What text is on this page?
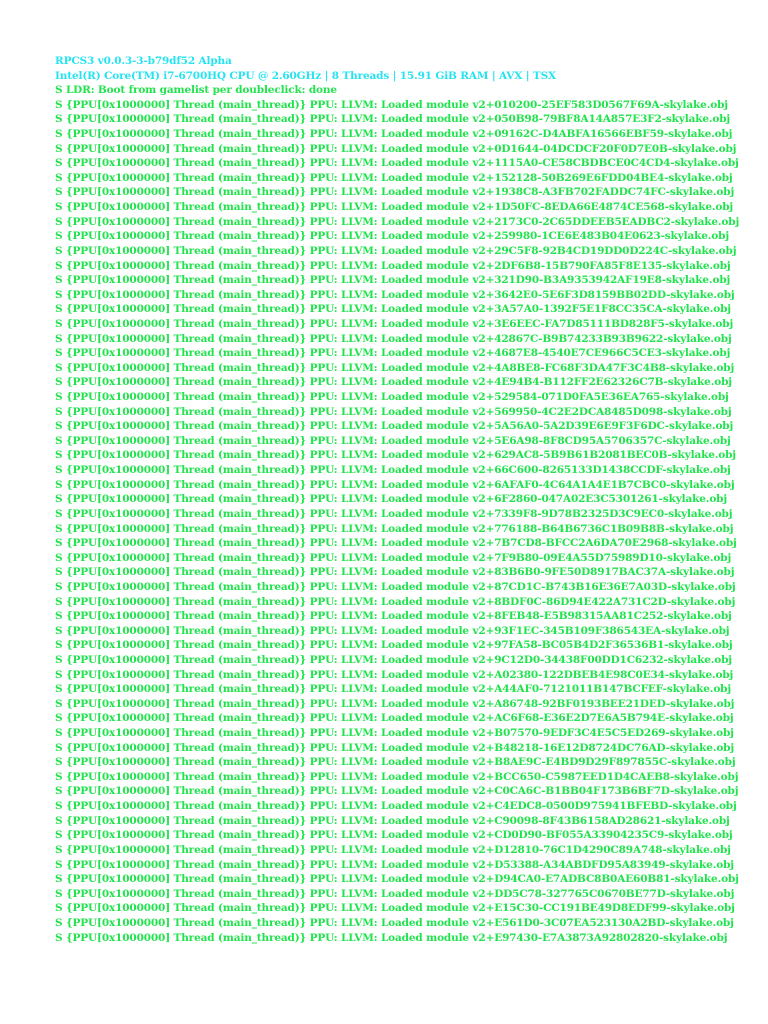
RPCS3 v0.0.3-3-b79df52 Alpha
Intel(R) Core(TM) i7-6700HQ CPU @ 2.60GHz | 8 Threads | 15.91 GiB RAM | AVX | TSX
S LDR: Boot from gamelist per doubleclick: done
S {PPU[0x1000000] Thread (main_thread)} PPU: LLVM: Loaded module v2+010200-25EF583D0567F69A-skylake.obj
S {PPU[0x1000000] Thread (main_thread)} PPU: LLVM: Loaded module v2+050B98-79BF8A14A857E3F2-skylake.obj
S {PPU[0x1000000] Thread (main_thread)} PPU: LLVM: Loaded module v2+09162C-D4ABFA16566EBF59-skylake.obj
S {PPU[0x1000000] Thread (main_thread)} PPU: LLVM: Loaded module v2+0D1644-04DCDCF20F0D7E0B-skylake.obj
S {PPU[0x1000000] Thread (main_thread)} PPU: LLVM: Loaded module v2+1115A0-CE58CBDBCE0C4CD4-skylake.obj
S {PPU[0x1000000] Thread (main_thread)} PPU: LLVM: Loaded module v2+152128-50B269E6FDD04BE4-skylake.obj
S {PPU[0x1000000] Thread (main_thread)} PPU: LLVM: Loaded module v2+1938C8-A3FB702FADDC74FC-skylake.obj
S {PPU[0x1000000] Thread (main_thread)} PPU: LLVM: Loaded module v2+1D50FC-8EDA66E4874CE568-skylake.obj
S {PPU[0x1000000] Thread (main_thread)} PPU: LLVM: Loaded module v2+2173C0-2C65DDEEB5EADBC2-skylake.obj
S {PPU[0x1000000] Thread (main_thread)} PPU: LLVM: Loaded module v2+259980-1CE6E483B04E0623-skylake.obj
S {PPU[0x1000000] Thread (main_thread)} PPU: LLVM: Loaded module v2+29C5F8-92B4CD19DD0D224C-skylake.obj
S {PPU[0x1000000] Thread (main_thread)} PPU: LLVM: Loaded module v2+2DF6B8-15B790FA85F8E135-skylake.obj
S {PPU[0x1000000] Thread (main_thread)} PPU: LLVM: Loaded module v2+321D90-B3A9353942AF19E8-skylake.obj
S {PPU[0x1000000] Thread (main_thread)} PPU: LLVM: Loaded module v2+3642E0-5E6F3D8159BB02DD-skylake.obj
S {PPU[0x1000000] Thread (main_thread)} PPU: LLVM: Loaded module v2+3A57A0-1392F5E1F8CC35CA-skylake.obj
S {PPU[0x1000000] Thread (main_thread)} PPU: LLVM: Loaded module v2+3E6EEC-FA7D85111BD828F5-skylake.obj
S {PPU[0x1000000] Thread (main_thread)} PPU: LLVM: Loaded module v2+42867C-B9B74233B93B9622-skylake.obj
S {PPU[0x1000000] Thread (main_thread)} PPU: LLVM: Loaded module v2+4687E8-4540E7CE966C5CE3-skylake.obj
S {PPU[0x1000000] Thread (main_thread)} PPU: LLVM: Loaded module v2+4A8BE8-FC68F3DA47F3C4B8-skylake.obj
S {PPU[0x1000000] Thread (main_thread)} PPU: LLVM: Loaded module v2+4E94B4-B112FF2E62326C7B-skylake.obj
S {PPU[0x1000000] Thread (main_thread)} PPU: LLVM: Loaded module v2+529584-071D0FA5E36EA765-skylake.obj
S {PPU[0x1000000] Thread (main_thread)} PPU: LLVM: Loaded module v2+569950-4C2E2DCA8485D098-skylake.obj
S {PPU[0x1000000] Thread (main_thread)} PPU: LLVM: Loaded module v2+5A56A0-5A2D39E6E9F3F6DC-skylake.obj
S {PPU[0x1000000] Thread (main_thread)} PPU: LLVM: Loaded module v2+5E6A98-8F8CD95A5706357C-skylake.obj
S {PPU[0x1000000] Thread (main_thread)} PPU: LLVM: Loaded module v2+629AC8-5B9B61B2081BEC0B-skylake.obj
S {PPU[0x1000000] Thread (main_thread)} PPU: LLVM: Loaded module v2+66C600-8265133D1438CCDF-skylake.obj
S {PPU[0x1000000] Thread (main_thread)} PPU: LLVM: Loaded module v2+6AFAF0-4C64A1A4E1B7CBC0-skylake.obj
S {PPU[0x1000000] Thread (main_thread)} PPU: LLVM: Loaded module v2+6F2860-047A02E3C5301261-skylake.obj
S {PPU[0x1000000] Thread (main_thread)} PPU: LLVM: Loaded module v2+7339F8-9D78B2325D3C9EC0-skylake.obj
S {PPU[0x1000000] Thread (main_thread)} PPU: LLVM: Loaded module v2+776188-B64B6736C1B09B8B-skylake.obj
S {PPU[0x1000000] Thread (main_thread)} PPU: LLVM: Loaded module v2+7B7CD8-BFCC2A6DA70E2968-skylake.obj
S {PPU[0x1000000] Thread (main_thread)} PPU: LLVM: Loaded module v2+7F9B80-09E4A55D75989D10-skylake.obj
S {PPU[0x1000000] Thread (main_thread)} PPU: LLVM: Loaded module v2+83B6B0-9FE50D8917BAC37A-skylake.obj
S {PPU[0x1000000] Thread (main_thread)} PPU: LLVM: Loaded module v2+87CD1C-B743B16E36E7A03D-skylake.obj
S {PPU[0x1000000] Thread (main_thread)} PPU: LLVM: Loaded module v2+8BDF0C-86D94E422A731C2D-skylake.obj
S {PPU[0x1000000] Thread (main_thread)} PPU: LLVM: Loaded module v2+8FEB48-E5B98315AA81C252-skylake.obj
S {PPU[0x1000000] Thread (main_thread)} PPU: LLVM: Loaded module v2+93F1EC-345B109F386543EA-skylake.obj
S {PPU[0x1000000] Thread (main_thread)} PPU: LLVM: Loaded module v2+97FA58-BC05B4D2F36536B1-skylake.obj
S {PPU[0x1000000] Thread (main_thread)} PPU: LLVM: Loaded module v2+9C12D0-34438F00DD1C6232-skylake.obj
S {PPU[0x1000000] Thread (main_thread)} PPU: LLVM: Loaded module v2+A02380-122DBEB4E98C0E34-skylake.obj
S {PPU[0x1000000] Thread (main_thread)} PPU: LLVM: Loaded module v2+A44AF0-7121011B147BCFEF-skylake.obj
S {PPU[0x1000000] Thread (main_thread)} PPU: LLVM: Loaded module v2+A86748-92BF0193BEE21DED-skylake.obj
S {PPU[0x1000000] Thread (main_thread)} PPU: LLVM: Loaded module v2+AC6F68-E36E2D7E6A5B794E-skylake.obj
S {PPU[0x1000000] Thread (main_thread)} PPU: LLVM: Loaded module v2+B07570-9EDF3C4E5C5ED269-skylake.obj
S {PPU[0x1000000] Thread (main_thread)} PPU: LLVM: Loaded module v2+B48218-16E12D8724DC76AD-skylake.obj
S {PPU[0x1000000] Thread (main_thread)} PPU: LLVM: Loaded module v2+B8AE9C-E4BD9D29F897855C-skylake.obj
S {PPU[0x1000000] Thread (main_thread)} PPU: LLVM: Loaded module v2+BCC650-C5987EED1D4CAEB8-skylake.obj
S {PPU[0x1000000] Thread (main_thread)} PPU: LLVM: Loaded module v2+C0CA6C-B1BB04F173B6BF7D-skylake.obj
S {PPU[0x1000000] Thread (main_thread)} PPU: LLVM: Loaded module v2+C4EDC8-0500D975941BFEBD-skylake.obj
S {PPU[0x1000000] Thread (main_thread)} PPU: LLVM: Loaded module v2+C90098-8F43B6158AD28621-skylake.obj
S {PPU[0x1000000] Thread (main_thread)} PPU: LLVM: Loaded module v2+CD0D90-BF055A33904235C9-skylake.obj
S {PPU[0x1000000] Thread (main_thread)} PPU: LLVM: Loaded module v2+D12810-76C1D4290C89A748-skylake.obj
S {PPU[0x1000000] Thread (main_thread)} PPU: LLVM: Loaded module v2+D53388-A34ABDFD95A83949-skylake.obj
S {PPU[0x1000000] Thread (main_thread)} PPU: LLVM: Loaded module v2+D94CA0-E7ADBC8B0AE60B81-skylake.obj
S {PPU[0x1000000] Thread (main_thread)} PPU: LLVM: Loaded module v2+DD5C78-327765C0670BE77D-skylake.obj
S {PPU[0x1000000] Thread (main_thread)} PPU: LLVM: Loaded module v2+E15C30-CC191BE49D8EDF99-skylake.obj
S {PPU[0x1000000] Thread (main_thread)} PPU: LLVM: Loaded module v2+E561D0-3C07EA523130A2BD-skylake.obj
S {PPU[0x1000000] Thread (main_thread)} PPU: LLVM: Loaded module v2+E97430-E7A3873A92802820-skylake.obj
